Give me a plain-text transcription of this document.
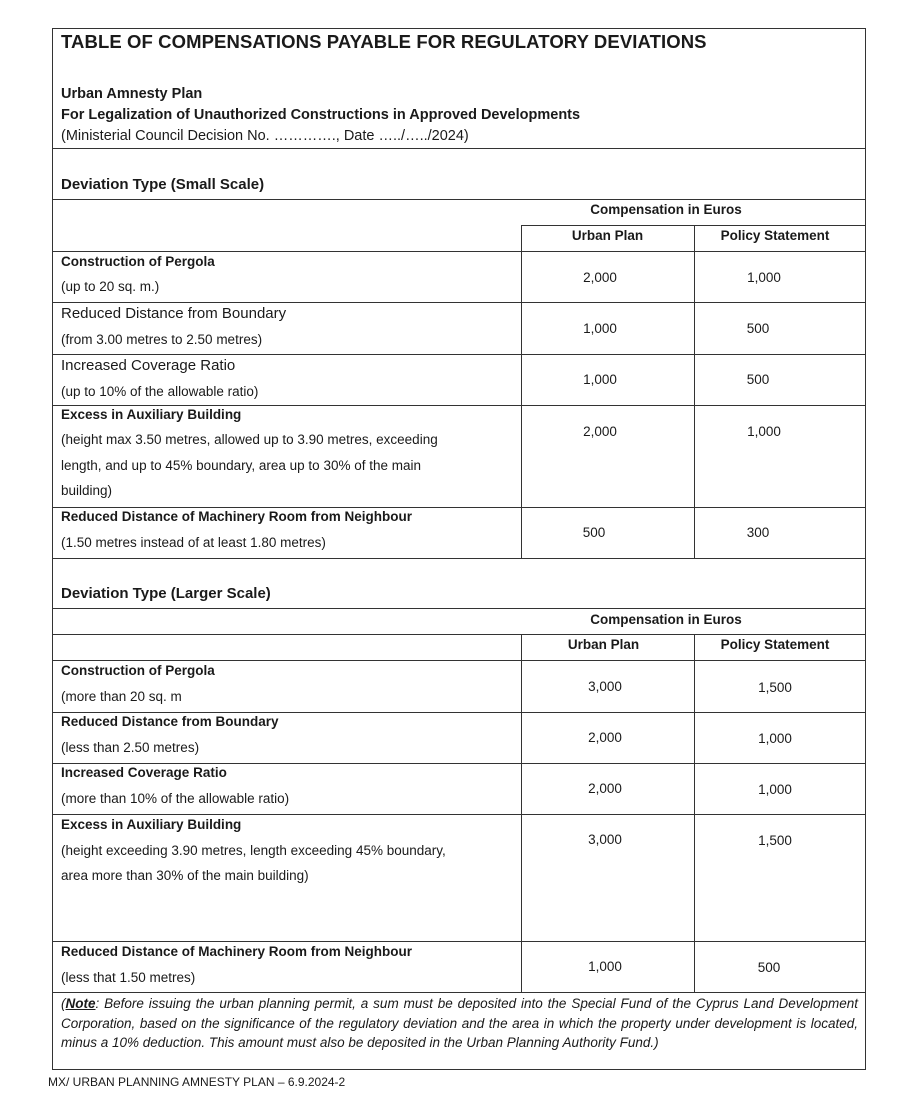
TABLE OF COMPENSATIONS PAYABLE FOR REGULATORY DEVIATIONS
Urban Amnesty Plan
For Legalization of Unauthorized Constructions in Approved Developments
(Ministerial Council Decision No. …………., Date …../…../2024)
Deviation Type (Small Scale)
Compensation in Euros
Urban Plan	Policy Statement
Construction of Pergola
(up to 20 sq. m.)
2,000	1,000
Reduced Distance from Boundary
(from 3.00 metres to 2.50 metres)
1,000	500
Increased Coverage Ratio
(up to 10% of the allowable ratio)
1,000	500
Excess in Auxiliary Building
(height max 3.50 metres, allowed up to 3.90 metres, exceeding
length, and up to 45% boundary, area up to 30% of the main
building)
2,000	1,000
Reduced Distance of Machinery Room from Neighbour
(1.50 metres instead of at least 1.80 metres)
500	300
Deviation Type (Larger Scale)
Compensation in Euros
Urban Plan	Policy Statement
Construction of Pergola
(more than 20 sq. m
3,000	1,500
Reduced Distance from Boundary
(less than 2.50 metres)
2,000	1,000
Increased Coverage Ratio
(more than 10% of the allowable ratio)
2,000	1,000
Excess in Auxiliary Building
(height exceeding 3.90 metres, length exceeding 45% boundary,
area more than 30% of the main building)
3,000	1,500
Reduced Distance of Machinery Room from Neighbour
(less that 1.50 metres)
1,000	500
(Note: Before issuing the urban planning permit, a sum must be deposited into the Special Fund of the Cyprus Land Development Corporation, based on the significance of the regulatory deviation and the area in which the property under development is located, minus a 10% deduction. This amount must also be deposited in the Urban Planning Authority Fund.)
MX/ URBAN PLANNING AMNESTY PLAN – 6.9.2024-2
